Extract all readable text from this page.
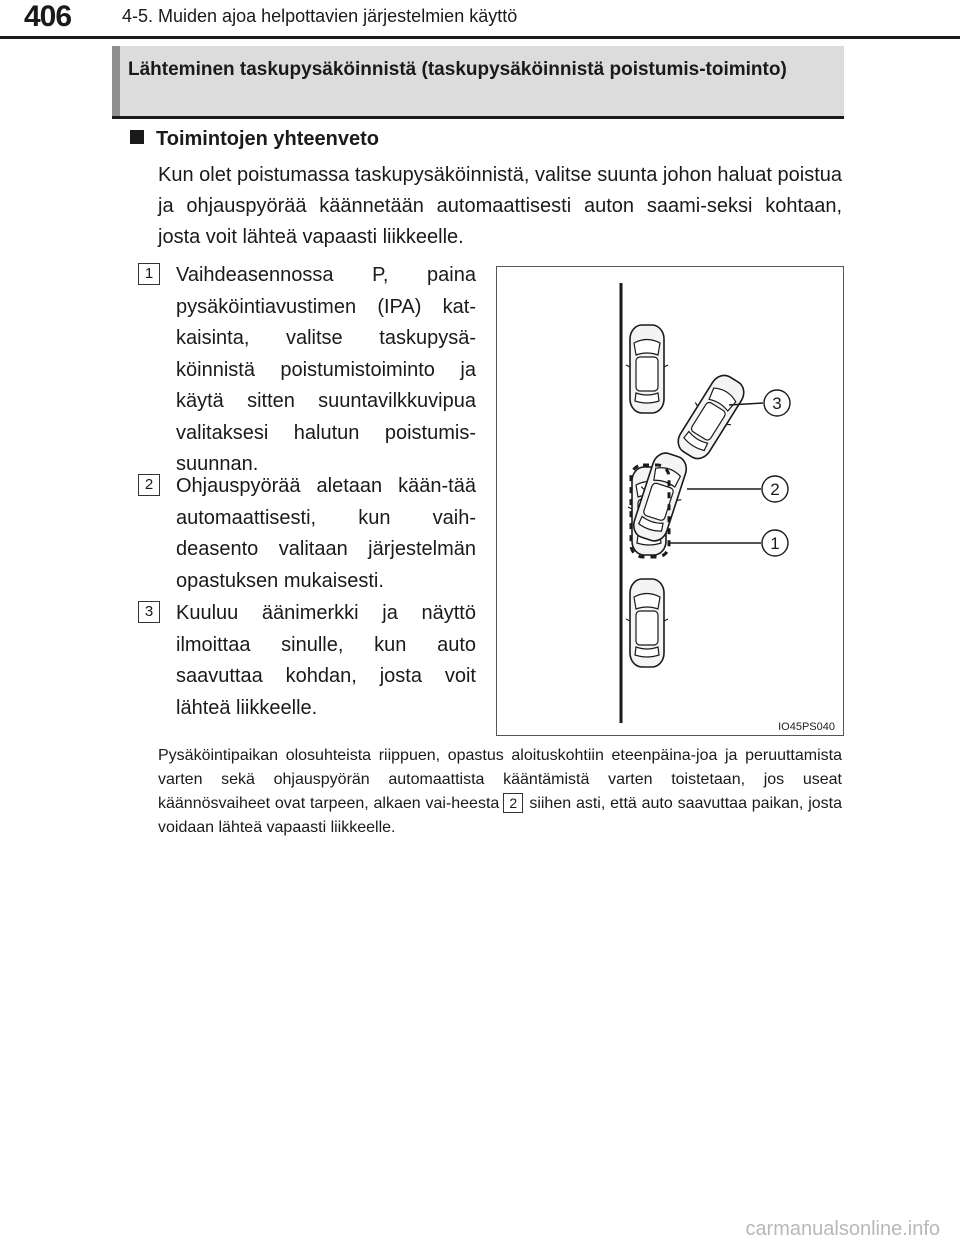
406	4-5. Muiden ajoa helpottavien järjestelmien käyttö
Lähteminen taskupysäköinnistä (taskupysäköinnistä poistumis-toiminto)
Toimintojen yhteenveto
Kun olet poistumassa taskupysäköinnistä, valitse suunta johon haluat poistua ja ohjauspyörää käännetään automaattisesti auton saami-seksi kohtaan, josta voit lähteä vapaasti liikkeelle.
1	Vaihdeasennossa P, paina pysäköintiavustimen (IPA) kat-kaisinta, valitse taskupysä-köinnistä poistumistoiminto ja käytä sitten suuntavilkkuvipua valitaksesi halutun poistumis-suunnan.
2	Ohjauspyörää aletaan kään-tää automaattisesti, kun vaih-deasento valitaan järjestelmän opastuksen mukaisesti.
3	Kuuluu äänimerkki ja näyttö ilmoittaa sinulle, kun auto saavuttaa kohdan, josta voit lähteä liikkeelle.
3
2
1
IO45PS040
Pysäköintipaikan olosuhteista riippuen, opastus aloituskohtiin eteenpäina-joa ja peruuttamista varten sekä ohjauspyörän automaattista kääntämistä varten toistetaan, jos useat käännösvaiheet ovat tarpeen, alkaen vai-heesta 2 siihen asti, että auto saavuttaa paikan, josta voidaan lähteä vapaasti liikkeelle.
carmanualsonline.info
